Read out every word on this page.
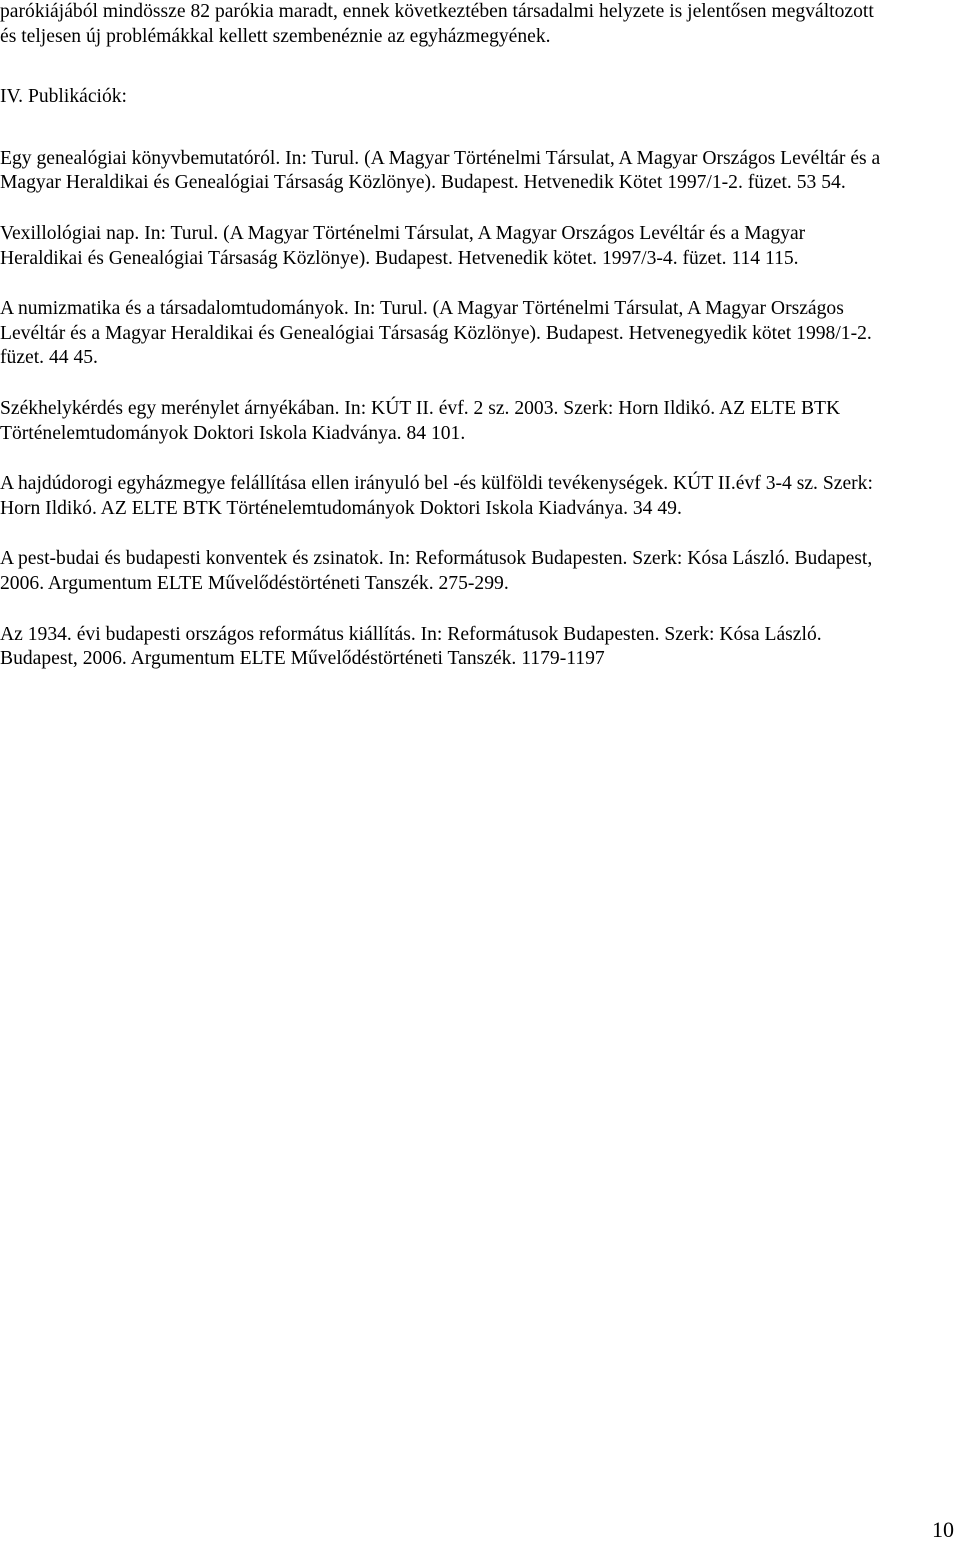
parókiájából mindössze 82 parókia maradt, ennek következtében társadalmi helyzete is jelentősen megváltozott
és teljesen új problémákkal kellett szembenéznie az egyházmegyének.

IV. Publikációk:

Egy genealógiai könyvbemutatóról. In: Turul. (A Magyar Történelmi Társulat, A Magyar Országos Levéltár és a
Magyar Heraldikai és Genealógiai Társaság Közlönye). Budapest. Hetvenedik Kötet 1997/1-2. füzet. 53 54.

Vexillológiai nap. In: Turul. (A Magyar Történelmi Társulat, A Magyar Országos Levéltár és a Magyar
Heraldikai és Genealógiai Társaság Közlönye). Budapest. Hetvenedik kötet. 1997/3-4. füzet. 114 115.

A numizmatika és a társadalomtudományok. In: Turul. (A Magyar Történelmi Társulat, A Magyar Országos
Levéltár és a Magyar Heraldikai és Genealógiai Társaság Közlönye). Budapest. Hetvenegyedik kötet 1998/1-2.
füzet. 44 45.

Székhelykérdés egy merénylet árnyékában. In: KÚT II. évf. 2 sz. 2003. Szerk: Horn Ildikó. AZ ELTE BTK
Történelemtudományok Doktori Iskola Kiadványa. 84 101.

A hajdúdorogi egyházmegye felállítása ellen irányuló bel -és külföldi tevékenységek. KÚT II.évf 3-4 sz. Szerk:
Horn Ildikó. AZ ELTE BTK Történelemtudományok Doktori Iskola Kiadványa. 34 49.

A pest-budai és budapesti konventek és zsinatok. In: Reformátusok Budapesten. Szerk: Kósa László. Budapest,
2006. Argumentum ELTE Művelődéstörténeti Tanszék. 275-299.

Az 1934. évi budapesti országos református kiállítás. In: Reformátusok Budapesten. Szerk: Kósa László.
Budapest, 2006. Argumentum ELTE Művelődéstörténeti Tanszék. 1179-1197

10
